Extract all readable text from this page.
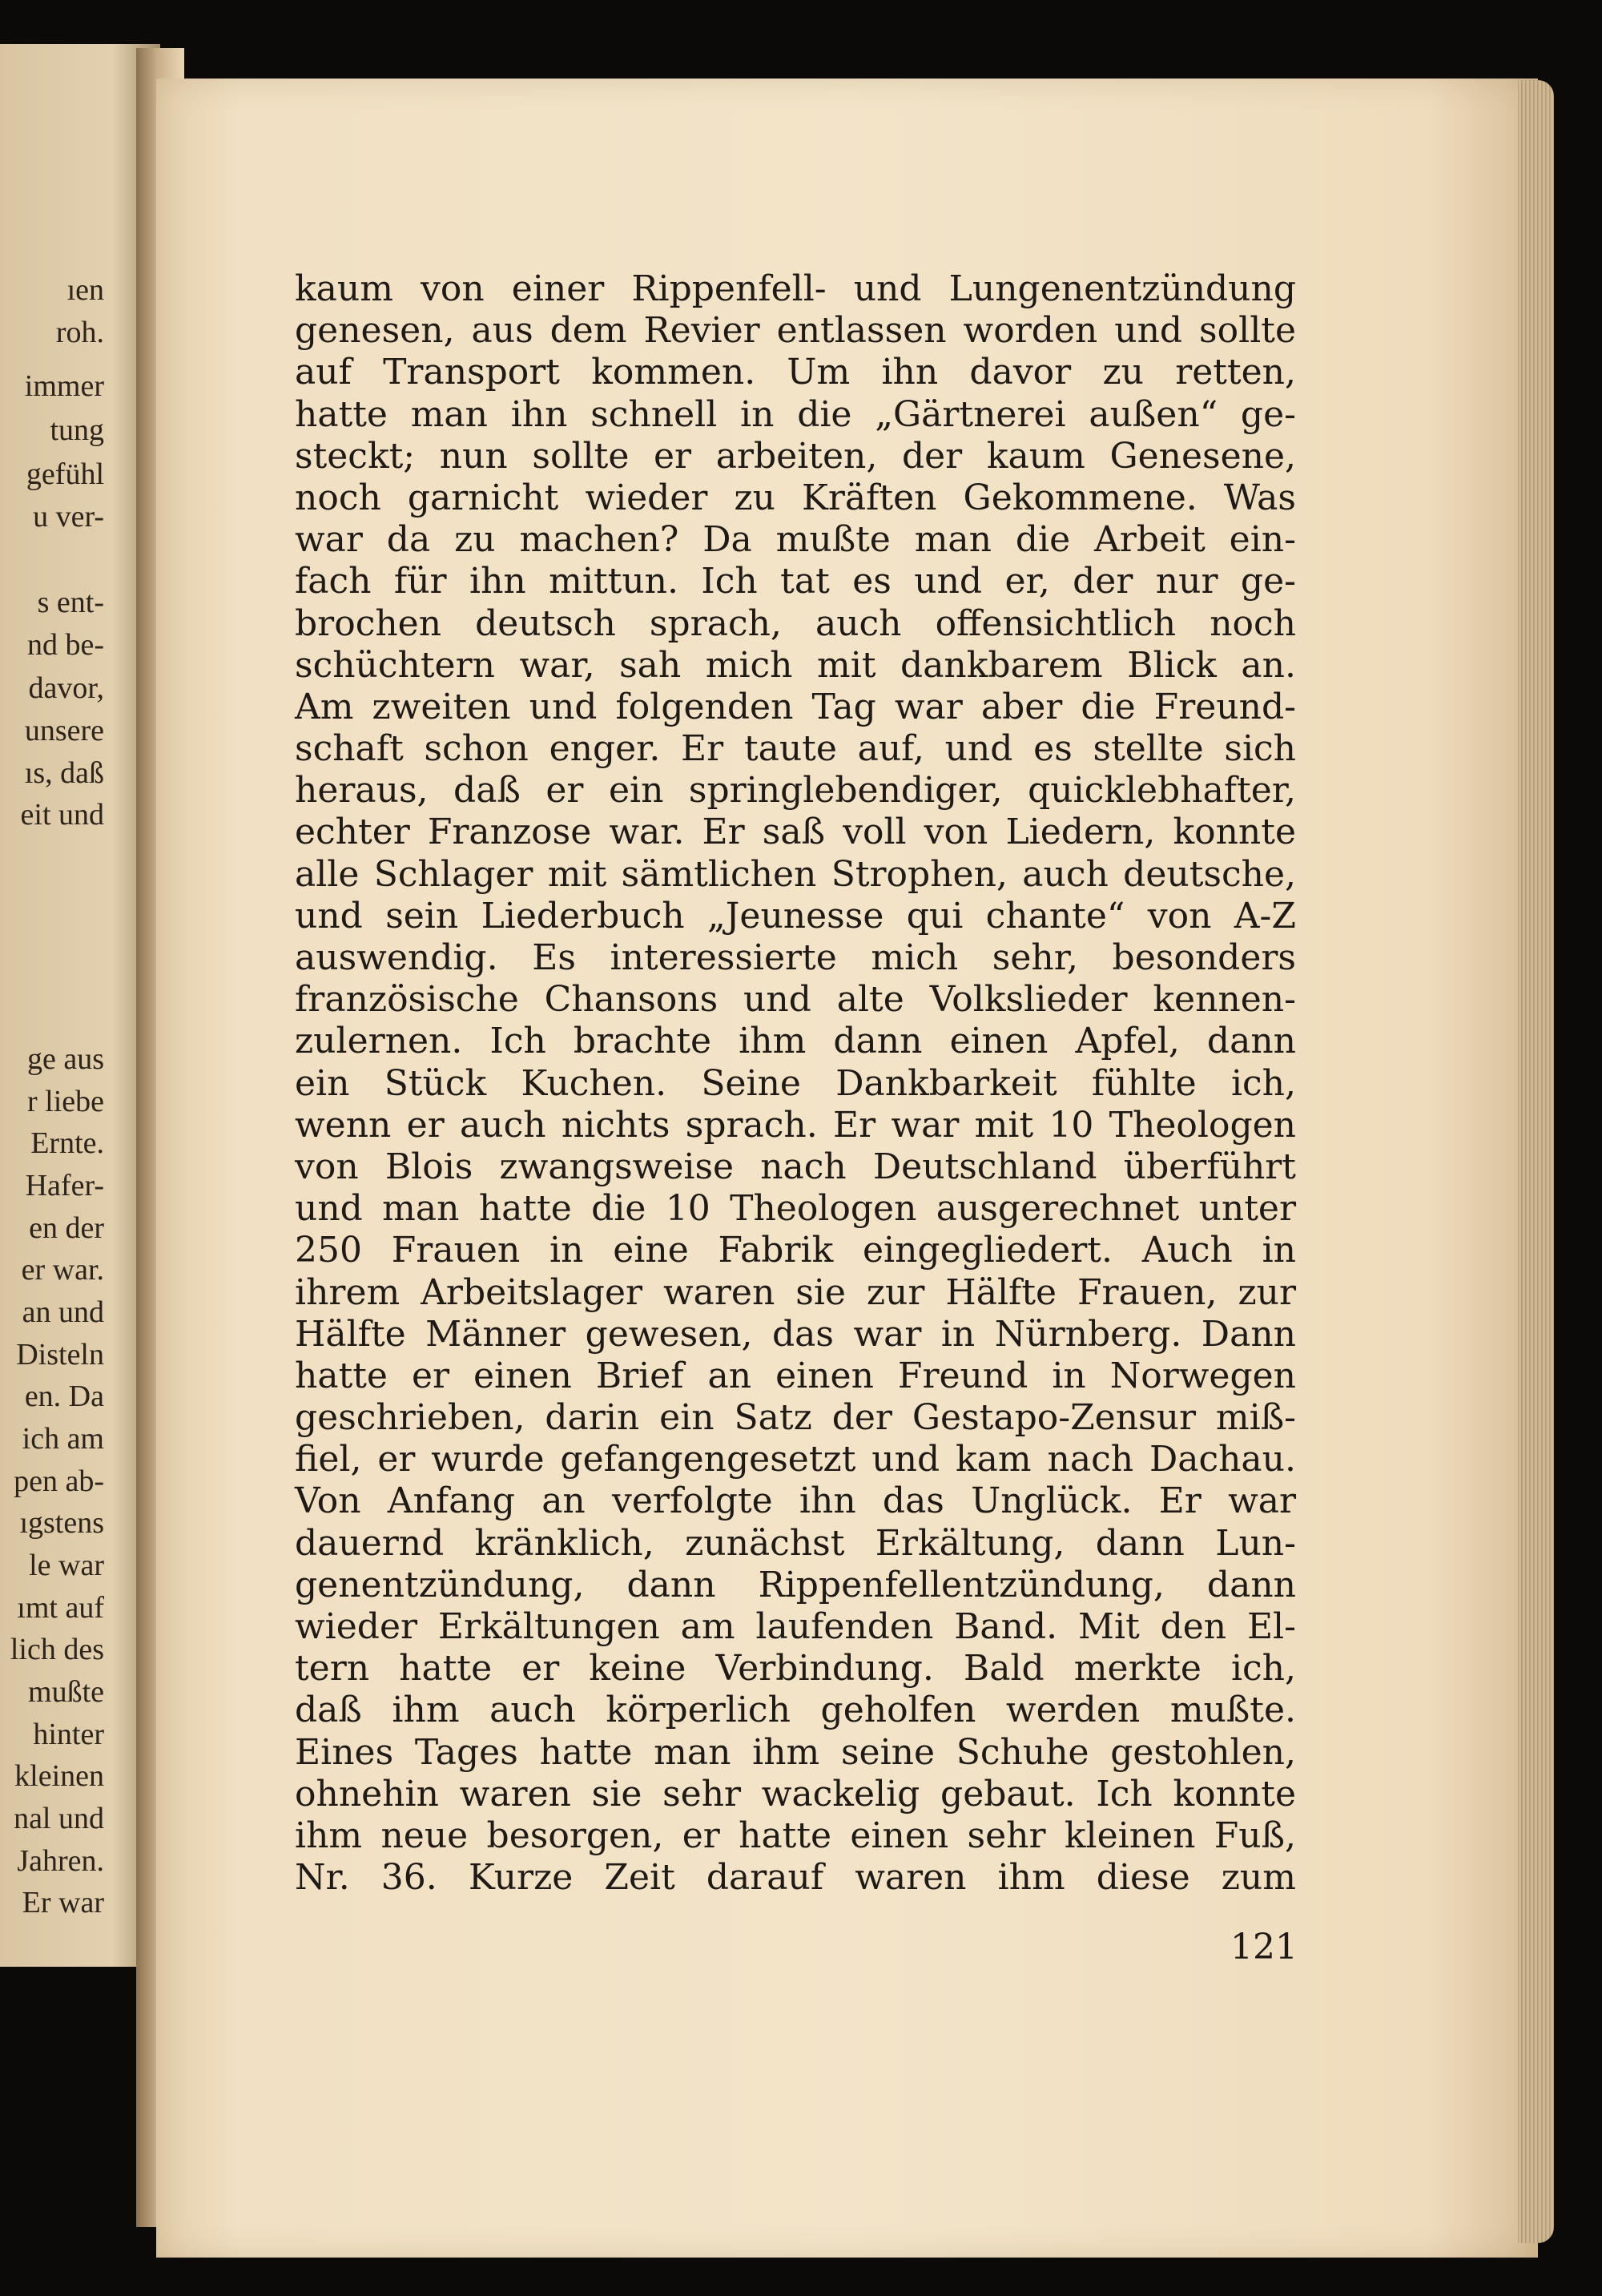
ıen
roh.
immer
tung
gefühl
u ver-
s ent-
nd be-
davor,
unsere
ıs, daß
eit und
ge aus
r liebe
Ernte.
Hafer-
en der
er war.
an und
Disteln
en. Da
ich am
pen ab-
ıgstens
le war
ımt auf
lich des
mußte
hinter
kleinen
nal und
Jahren.
Er war
kaum von einer Rippenfell- und Lungenentzündung
genesen, aus dem Revier entlassen worden und sollte
auf Transport kommen. Um ihn davor zu retten,
hatte man ihn schnell in die „Gärtnerei außen“ ge-
steckt; nun sollte er arbeiten, der kaum Genesene,
noch garnicht wieder zu Kräften Gekommene. Was
war da zu machen? Da mußte man die Arbeit ein-
fach für ihn mittun. Ich tat es und er, der nur ge-
brochen deutsch sprach, auch offensichtlich noch
schüchtern war, sah mich mit dankbarem Blick an.
Am zweiten und folgenden Tag war aber die Freund-
schaft schon enger. Er taute auf, und es stellte sich
heraus, daß er ein springlebendiger, quicklebhafter,
echter Franzose war. Er saß voll von Liedern, konnte
alle Schlager mit sämtlichen Strophen, auch deutsche,
und sein Liederbuch „Jeunesse qui chante“ von A-Z
auswendig. Es interessierte mich sehr, besonders
französische Chansons und alte Volkslieder kennen-
zulernen. Ich brachte ihm dann einen Apfel, dann
ein Stück Kuchen. Seine Dankbarkeit fühlte ich,
wenn er auch nichts sprach. Er war mit 10 Theologen
von Blois zwangsweise nach Deutschland überführt
und man hatte die 10 Theologen ausgerechnet unter
250 Frauen in eine Fabrik eingegliedert. Auch in
ihrem Arbeitslager waren sie zur Hälfte Frauen, zur
Hälfte Männer gewesen, das war in Nürnberg. Dann
hatte er einen Brief an einen Freund in Norwegen
geschrieben, darin ein Satz der Gestapo-Zensur miß-
fiel, er wurde gefangengesetzt und kam nach Dachau.
Von Anfang an verfolgte ihn das Unglück. Er war
dauernd kränklich, zunächst Erkältung, dann Lun-
genentzündung, dann Rippenfellentzündung, dann
wieder Erkältungen am laufenden Band. Mit den El-
tern hatte er keine Verbindung. Bald merkte ich,
daß ihm auch körperlich geholfen werden mußte.
Eines Tages hatte man ihm seine Schuhe gestohlen,
ohnehin waren sie sehr wackelig gebaut. Ich konnte
ihm neue besorgen, er hatte einen sehr kleinen Fuß,
Nr. 36. Kurze Zeit darauf waren ihm diese zum
121
